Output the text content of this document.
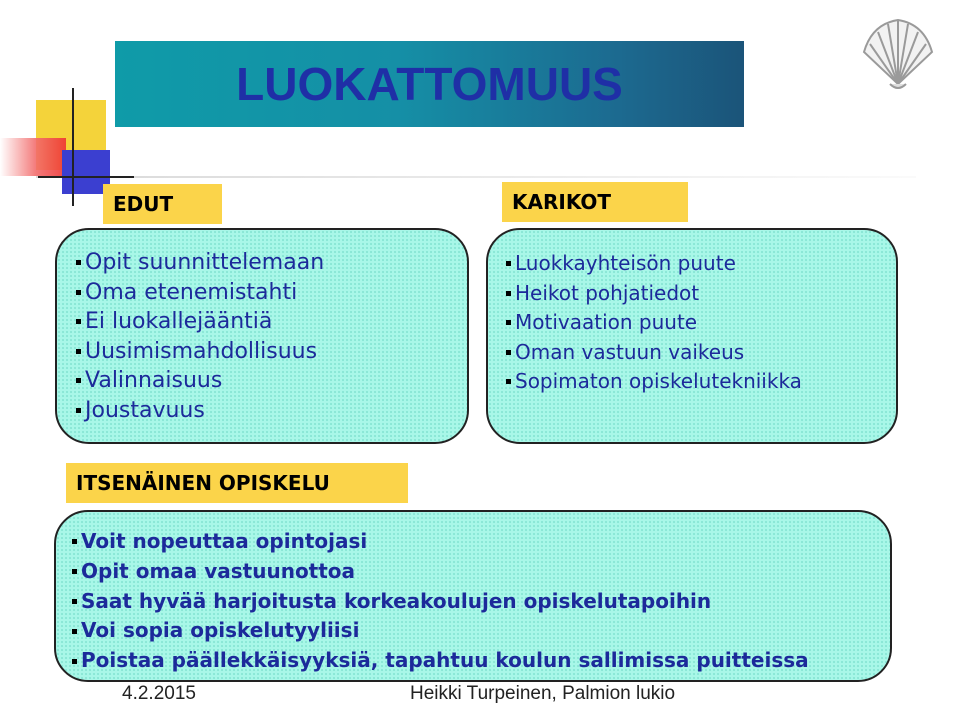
LUOKATTOMUUS
EDUT
Opit suunnittelemaan
Oma etenemistahti
Ei luokallejääntiä
Uusimismahdollisuus
Valinnaisuus
Joustavuus
KARIKOT
Luokkayhteisön puute
Heikot pohjatiedot
Motivaation puute
Oman vastuun vaikeus
Sopimaton opiskelutekniikka
ITSENÄINEN OPISKELU
Voit nopeuttaa opintojasi
Opit omaa vastuunottoa
Saat hyvää harjoitusta korkeakoulujen opiskelutapoihin
Voi sopia opiskelutyyliisi
Poistaa päällekkäisyyksiä, tapahtuu koulun sallimissa puitteissa
4.2.2015	Heikki Turpeinen, Palmion lukio
